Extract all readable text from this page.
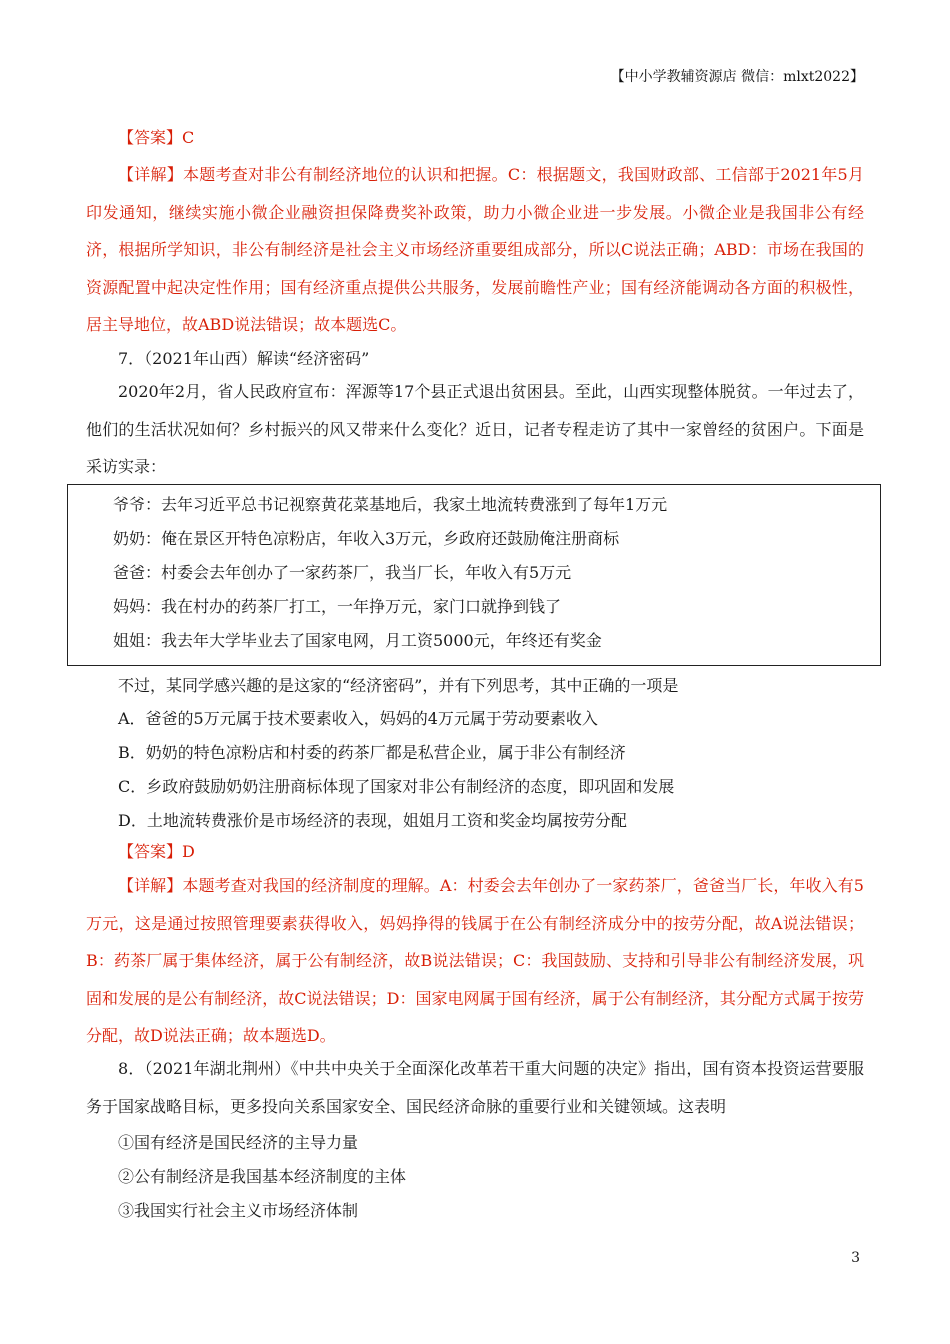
【中小学教辅资源店 微信：mlxt2022】

【答案】C

【详解】本题考查对非公有制经济地位的认识和把握。C：根据题文，我国财政部、工信部于2021年5月印发通知，继续实施小微企业融资担保降费奖补政策，助力小微企业进一步发展。小微企业是我国非公有经济，根据所学知识，非公有制经济是社会主义市场经济重要组成部分，所以C说法正确；ABD：市场在我国的资源配置中起决定性作用；国有经济重点提供公共服务，发展前瞻性产业；国有经济能调动各方面的积极性，居主导地位，故ABD说法错误；故本题选C。

7．（2021年山西）解读“经济密码”

2020年2月，省人民政府宣布：浑源等17个县正式退出贫困县。至此，山西实现整体脱贫。一年过去了，他们的生活状况如何？乡村振兴的风又带来什么变化？近日，记者专程走访了其中一家曾经的贫困户。下面是采访实录：

爷爷：去年习近平总书记视察黄花菜基地后，我家土地流转费涨到了每年1万元
奶奶：俺在景区开特色凉粉店，年收入3万元，乡政府还鼓励俺注册商标
爸爸：村委会去年创办了一家药茶厂，我当厂长，年收入有5万元
妈妈：我在村办的药茶厂打工，一年挣万元，家门口就挣到钱了
姐姐：我去年大学毕业去了国家电网，月工资5000元，年终还有奖金
不过，某同学感兴趣的是这家的“经济密码”，并有下列思考，其中正确的一项是
A．爸爸的5万元属于技术要素收入，妈妈的4万元属于劳动要素收入
B．奶奶的特色凉粉店和村委的药茶厂都是私营企业，属于非公有制经济
C．乡政府鼓励奶奶注册商标体现了国家对非公有制经济的态度，即巩固和发展
D．土地流转费涨价是市场经济的表现，姐姐月工资和奖金均属按劳分配

【答案】D

【详解】本题考查对我国的经济制度的理解。A：村委会去年创办了一家药茶厂，爸爸当厂长，年收入有5万元，这是通过按照管理要素获得收入，妈妈挣得的钱属于在公有制经济成分中的按劳分配，故A说法错误；B：药茶厂属于集体经济，属于公有制经济，故B说法错误；C：我国鼓励、支持和引导非公有制经济发展，巩固和发展的是公有制经济，故C说法错误；D：国家电网属于国有经济，属于公有制经济，其分配方式属于按劳分配，故D说法正确；故本题选D。

8．（2021年湖北荆州）《中共中央关于全面深化改革若干重大问题的决定》指出，国有资本投资运营要服务于国家战略目标，更多投向关系国家安全、国民经济命脉的重要行业和关键领域。这表明

①国有经济是国民经济的主导力量
②公有制经济是我国基本经济制度的主体
③我国实行社会主义市场经济体制
3
